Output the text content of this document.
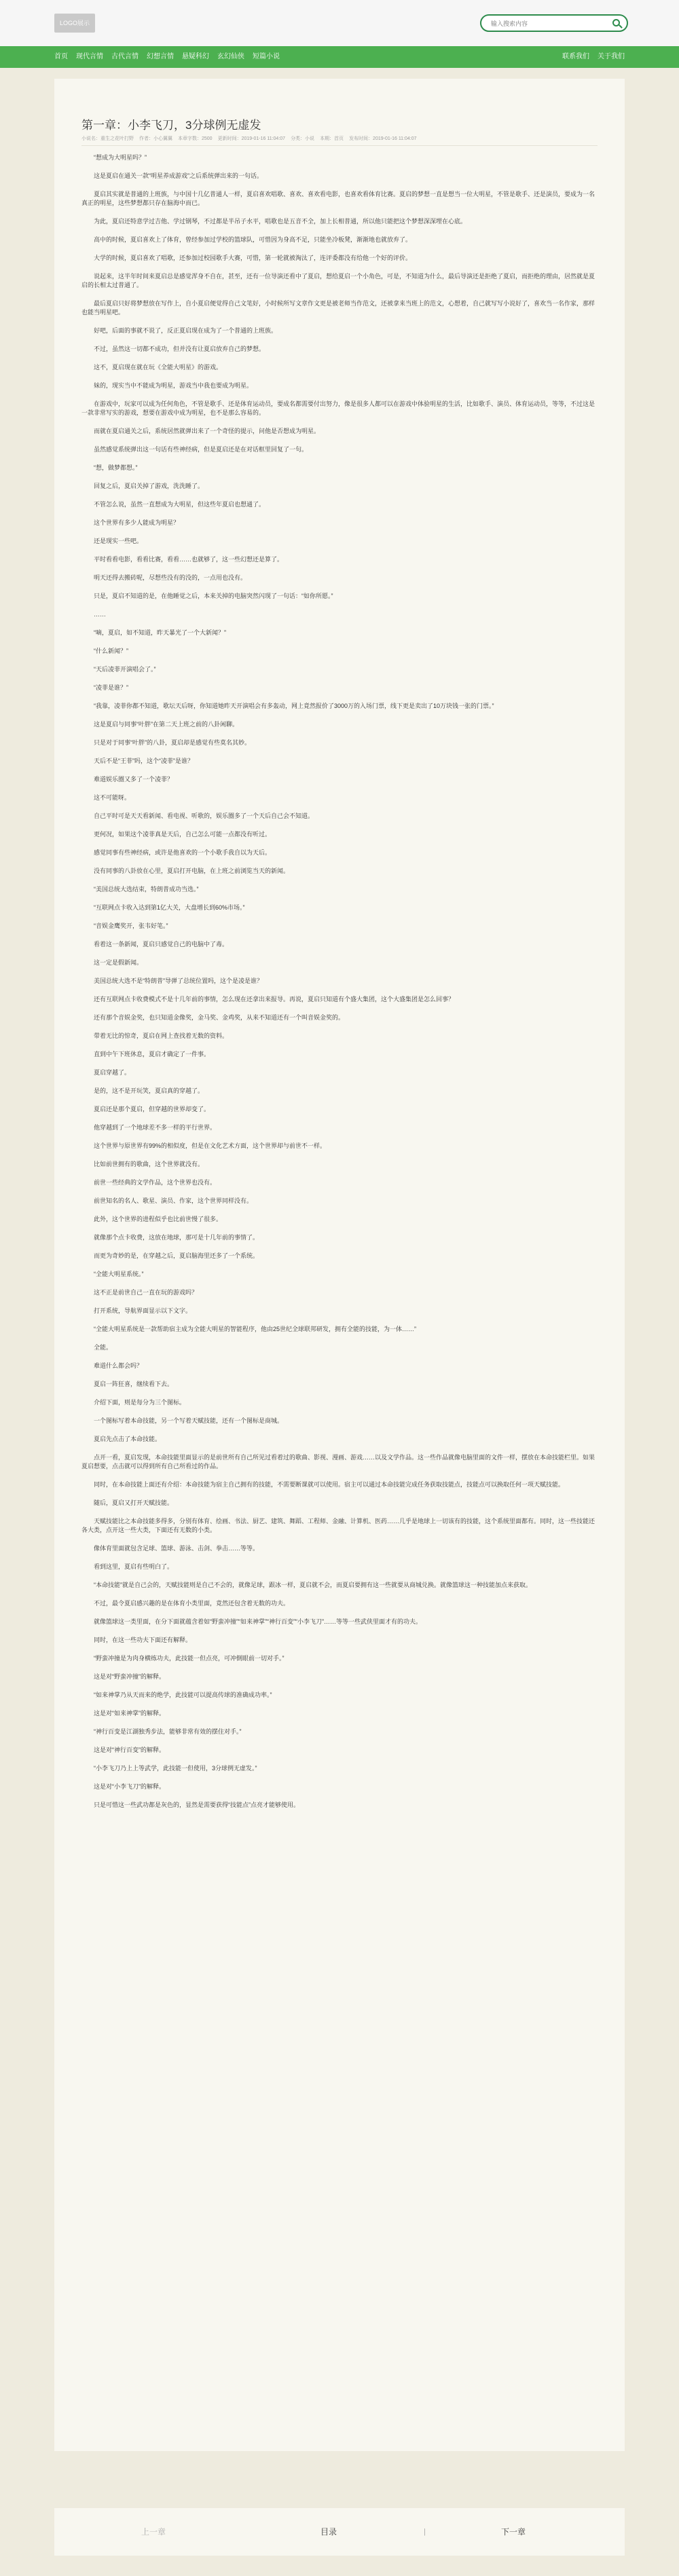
LOGO展示
输入搜索内容
首页	现代言情	古代言情	幻想言情	悬疑科幻	玄幻仙侠	短篇小说	联系我们	关于我们
第一章：小李飞刀，3分球例无虚发
小说名：重生之花叶打野 作者：小心翼翼 本章字数：2500 更新时间：2019-01-16 11:04:07 分类：小说 本期：首页 发布时间：2019-01-16 11:04:07

“想成为大明星吗？”

这是夏启在通关一款“明星养成游戏”之后系统弹出来的一句话。

夏启其实就是普通的上班族，与中国十几亿普通人一样，夏启喜欢唱歌、喜欢、喜欢看电影，也喜欢看体育比赛。夏启的梦想一直是想当一位大明星，不管是歌手、还是演员，要成为一名真正的明星，这些梦想都只存在脑海中而已。

为此，夏启还特意学过吉他、学过钢琴，不过都是半吊子水平，唱歌也是五音不全，加上长相普通，所以他只能把这个梦想深深埋在心底。

高中的时候，夏启喜欢上了体育，曾经参加过学校的篮球队，可惜因为身高不足，只能坐冷板凳，渐渐地也就放弃了。

大学的时候，夏启喜欢了唱歌，还参加过校园歌手大赛，可惜，第一轮就被淘汰了，连评委都没有给他一个好的评价。

说起来，这半年时间来夏启总是感觉浑身不自在，甚至，还有一位导演还看中了夏启，想给夏启一个小角色，可是，不知道为什么，最后导演还是拒绝了夏启，而拒绝的理由，居然就是夏启的长相太过普通了。

最后夏启只好将梦想放在写作上，自小夏启便觉得自己文笔好，小时候所写文章作文更是被老师当作范文，还被拿来当班上的范文，心想着，自己就写写小说好了，喜欢当一名作家，那样也能当明星吧。

好吧，后面的事就不说了，反正夏启现在成为了一个普通的上班族。

不过，虽然这一切都不成功，但并没有让夏启放弃自己的梦想。

这不，夏启现在就在玩《全能大明星》的游戏。

妹的，现实当中不能成为明星，游戏当中我也要成为明星。

在游戏中，玩家可以成为任何角色，不管是歌手、还是体育运动员，要成名都需要付出努力，像是很多人都可以在游戏中体验明星的生活，比如歌手、演员、体育运动员，等等，不过这是一款非常写实的游戏，想要在游戏中成为明星，也不是那么容易的。

而就在夏启通关之后，系统居然就弹出来了一个奇怪的提示，问他是否想成为明星。

虽然感觉系统弹出这一句话有些神经病，但是夏启还是在对话框里回复了一句。

“想，做梦都想。”

回复之后，夏启关掉了游戏，洗洗睡了。

不管怎么说，虽然一直想成为大明星，但这些年夏启也想通了。

这个世界有多少人能成为明星？

还是现实一些吧。

平时看看电影，看看比赛，看看……也就够了，这一些幻想还是算了。

明天还得去搬砖呢，尽想些没有的没的，一点用也没有。

只是，夏启不知道的是，在他睡觉之后，本来关掉的电脑突然闪现了一句话：“如你所愿。”

……

“嘀，夏启，如不知道，昨天暴光了一个大新闻？”

“什么新闻？”

“天后凌菲开演唱会了。”

“凌菲是谁？”

“我靠，凌菲你都不知道，歌坛天后呀，你知道她昨天开演唱会有多轰动，网上竟然报价了3000万的入场门票，线下更是卖出了10万块钱一张的门票。”

这是夏启与同事“叶胖”在第二天上班之前的八卦闲聊。

只是对于同事“叶胖”的八卦，夏启却是感觉有些莫名其妙。

天后不是“王菲”吗，这个“凌菲”是谁？

难道娱乐圈又多了一个凌菲？

这不可能呀。

自己平时可是天天看新闻、看电视、听歌的，娱乐圈多了一个天后自己会不知道。

更何况，如果这个凌菲真是天后，自己怎么可能一点都没有听过。

感觉同事有些神经病，或许是他喜欢的一个小歌手我自以为天后。

没有同事的八卦放在心里，夏启打开电脑，在上班之前浏览当天的新闻。

“美国总统大选结束，特朗普成功当选。”

“互联网点卡收入达到第1亿大关，大盘增长到60%市场。”

“音娱金鹰奖开，张韦好笔。”

看着这一条新闻，夏启只感觉自己的电脑中了毒。

这一定是假新闻。

美国总统大选不是“特朗普”导弹了总统位置吗，这个是凌是谁？

还有互联网点卡收费模式不是十几年前的事情，怎么现在还拿出来报导。再说，夏启只知道有个盛大集团，这个大盛集团是怎么回事？

还有那个音娱金奖，也只知道金像奖，金马奖、金鸡奖，从来不知道还有一个叫音娱金奖的。

带着无比的惊奇，夏启在网上查找着无数的资料。

直到中午下班休息，夏启才确定了一件事。

夏启穿越了。

是的，这不是开玩笑，夏启真的穿越了。

夏启还是那个夏启，但穿越的世界却变了。

他穿越到了一个地球差不多一样的平行世界。

这个世界与原世界有99%的相似度，但是在文化艺术方面，这个世界却与前世不一样。

比如前世拥有的歌曲，这个世界就没有。

前世一些经典的文学作品，这个世界也没有。

前世知名的名人、歌星、演员、作家，这个世界同样没有。

此外，这个世界的进程似乎也比前世慢了很多。

就像那个点卡收费，这放在地球，那可是十几年前的事情了。

而更为奇妙的是，在穿越之后，夏启脑海里还多了一个系统。

“全能大明星系统。”

这不正是前世自己一直在玩的游戏吗？

打开系统，导航界面显示以下文字。

“全能大明星系统是一款帮助宿主成为全能大明星的智能程序，他由25世纪全球联邦研发，拥有全能的技能，为一体……”

全能。

难道什么都会吗？

夏启一阵狂喜，继续看下去。

介绍下面，则是每分为三个图标。

一个图标写着本命技能，另一个写着天赋技能，还有一个图标是商城。

夏启先点击了本命技能。

点开一看，夏启发现，本命技能里面显示的是前世所有自己所见过看着过的歌曲、影视、漫画、游戏……以及文学作品。这一些作品就像电脑里面的文件一样，摆放在本命技能栏里。如果夏启想要，点击就可以得到所有自己所看过的作品。

同时，在本命技能上面还有介绍：本命技能为宿主自己拥有的技能，不需要断课就可以使用。宿主可以通过本命技能完成任务获取技能点，技能点可以换取任何一项天赋技能。

随后，夏启又打开天赋技能。

天赋技能比之本命技能多得多，分别有体育、绘画、书法、厨艺、建筑、舞蹈、工程师、金融、计算机、医药……几乎是地球上一切该有的技能，这个系统里面都有。同时，这一些技能还各大类，点开这一些大类，下面还有无数的小类。

像体育里面就包含足球、篮球、游泳、击剑、拳击……等等。

看到这里，夏启有些明白了。

“本命技能”就是自己会的，天赋技能则是自己不会的，就像足球，跟冰一样，夏启就不会，而夏启要拥有这一些就要从商城兑换。就像篮球这一种技能加点来获取。

不过，最令夏启感兴趣的是在体育小类里面，竟然还包含着无数的功夫。

就像篮球这一类里面，在分下面就蕴含着如“野蛮冲撞”“如来神掌”“神行百变”“小李飞刀”……等等一些武侠里面才有的功夫。

同时，在这一些功夫下面还有解释。

“野蛮冲撞是为肉身横练功夫，此技能一但点亮，可冲倒眼前一切对手。”

这是对“野蛮冲撞”的解释。

“如来神掌乃从天而来的绝学，此技能可以提高传球的准确成功率。”

这是对“如来神掌”的解释。

“神行百变是江湖独秀步法，能够非常有效的摆住对手。”

这是对“神行百变”的解释。

“小李飞刀乃上上等武学，此技能一但使用，3分球例无虚发。”

这是对“小李飞刀”的解释。

只是可惜这一些武功都是灰色的，显然是需要获得“技能点”点亮才能够使用。

上一章	目录	|	下一章
